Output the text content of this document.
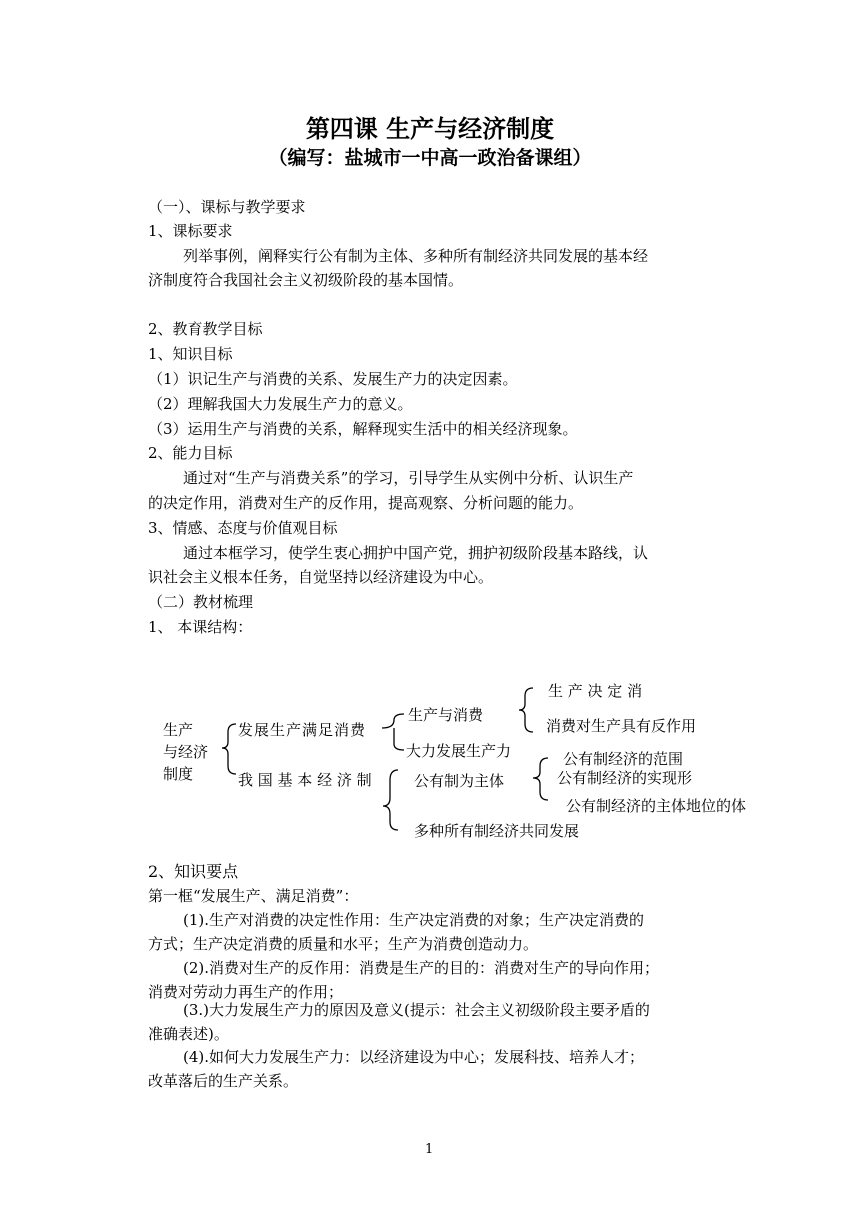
第四课 生产与经济制度
（编写：盐城市一中高一政治备课组）
（一）、课标与教学要求
1、课标要求
列举事例，阐释实行公有制为主体、多种所有制经济共同发展的基本经
济制度符合我国社会主义初级阶段的基本国情。
2、教育教学目标
1、知识目标
（1）识记生产与消费的关系、发展生产力的决定因素。
（2）理解我国大力发展生产力的意义。
（3）运用生产与消费的关系，解释现实生活中的相关经济现象。
2、能力目标
通过对“生产与消费关系”的学习，引导学生从实例中分析、认识生产
的决定作用，消费对生产的反作用，提高观察、分析问题的能力。
3、情感、态度与价值观目标
通过本框学习，使学生衷心拥护中国产党，拥护初级阶段基本路线，认
识社会主义根本任务，自觉坚持以经济建设为中心。
（二）教材梳理
1、 本课结构：
生产
与经济
制度
发展生产满足消费
生产与消费
生 产 决 定 消
消费对生产具有反作用
大力发展生产力
我 国 基 本 经 济 制	公有制为主体
公有制经济的范围
公有制经济的实现形
公有制经济的主体地位的体
多种所有制经济共同发展
2、知识要点
第一框“发展生产、满足消费”：
(1).生产对消费的决定性作用：生产决定消费的对象；生产决定消费的
方式；生产决定消费的质量和水平；生产为消费创造动力。
(2).消费对生产的反作用：消费是生产的目的：消费对生产的导向作用；
消费对劳动力再生产的作用；
(3.)大力发展生产力的原因及意义(提示：社会主义初级阶段主要矛盾的
准确表述)。
(4).如何大力发展生产力：以经济建设为中心；发展科技、培养人才；
改革落后的生产关系。
1
